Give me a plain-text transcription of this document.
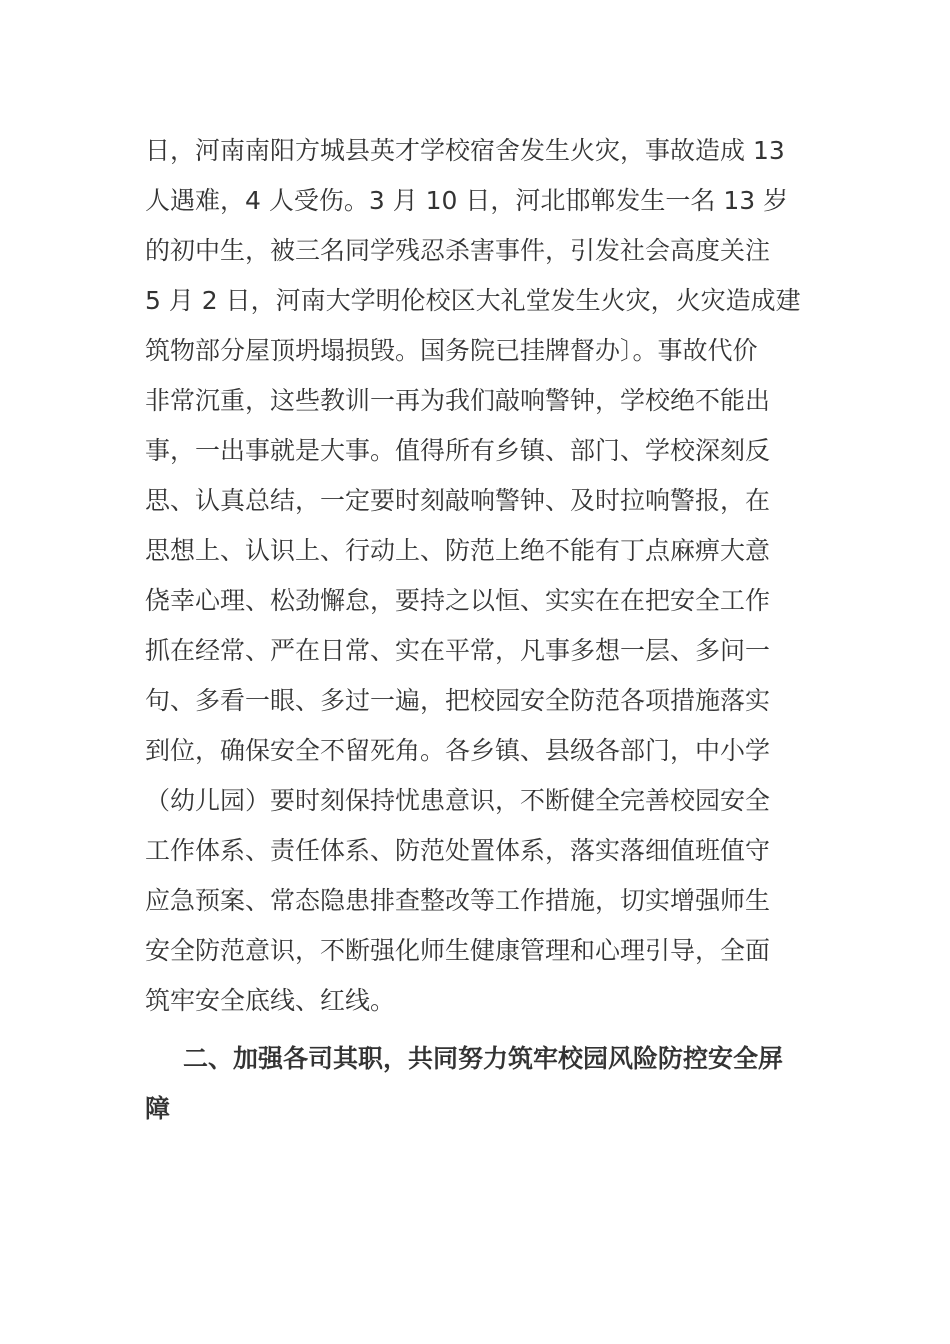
日，河南南阳方城县英才学校宿舍发生火灾，事故造成 13
人遇难，4 人受伤。3 月 10 日，河北邯郸发生一名 13 岁
的初中生，被三名同学残忍杀害事件，引发社会高度关注
5 月 2 日，河南大学明伦校区大礼堂发生火灾，火灾造成建
筑物部分屋顶坍塌损毁。国务院已挂牌督办〕。事故代价
非常沉重，这些教训一再为我们敲响警钟，学校绝不能出
事，一出事就是大事。值得所有乡镇、部门、学校深刻反
思、认真总结，一定要时刻敲响警钟、及时拉响警报，在
思想上、认识上、行动上、防范上绝不能有丁点麻痹大意
侥幸心理、松劲懈怠，要持之以恒、实实在在把安全工作
抓在经常、严在日常、实在平常，凡事多想一层、多问一
句、多看一眼、多过一遍，把校园安全防范各项措施落实
到位，确保安全不留死角。各乡镇、县级各部门，中小学
（幼儿园）要时刻保持忧患意识，不断健全完善校园安全
工作体系、责任体系、防范处置体系，落实落细值班值守
应急预案、常态隐患排查整改等工作措施，切实增强师生
安全防范意识，不断强化师生健康管理和心理引导，全面
筑牢安全底线、红线。
二、加强各司其职，共同努力筑牢校园风险防控安全屏
障
